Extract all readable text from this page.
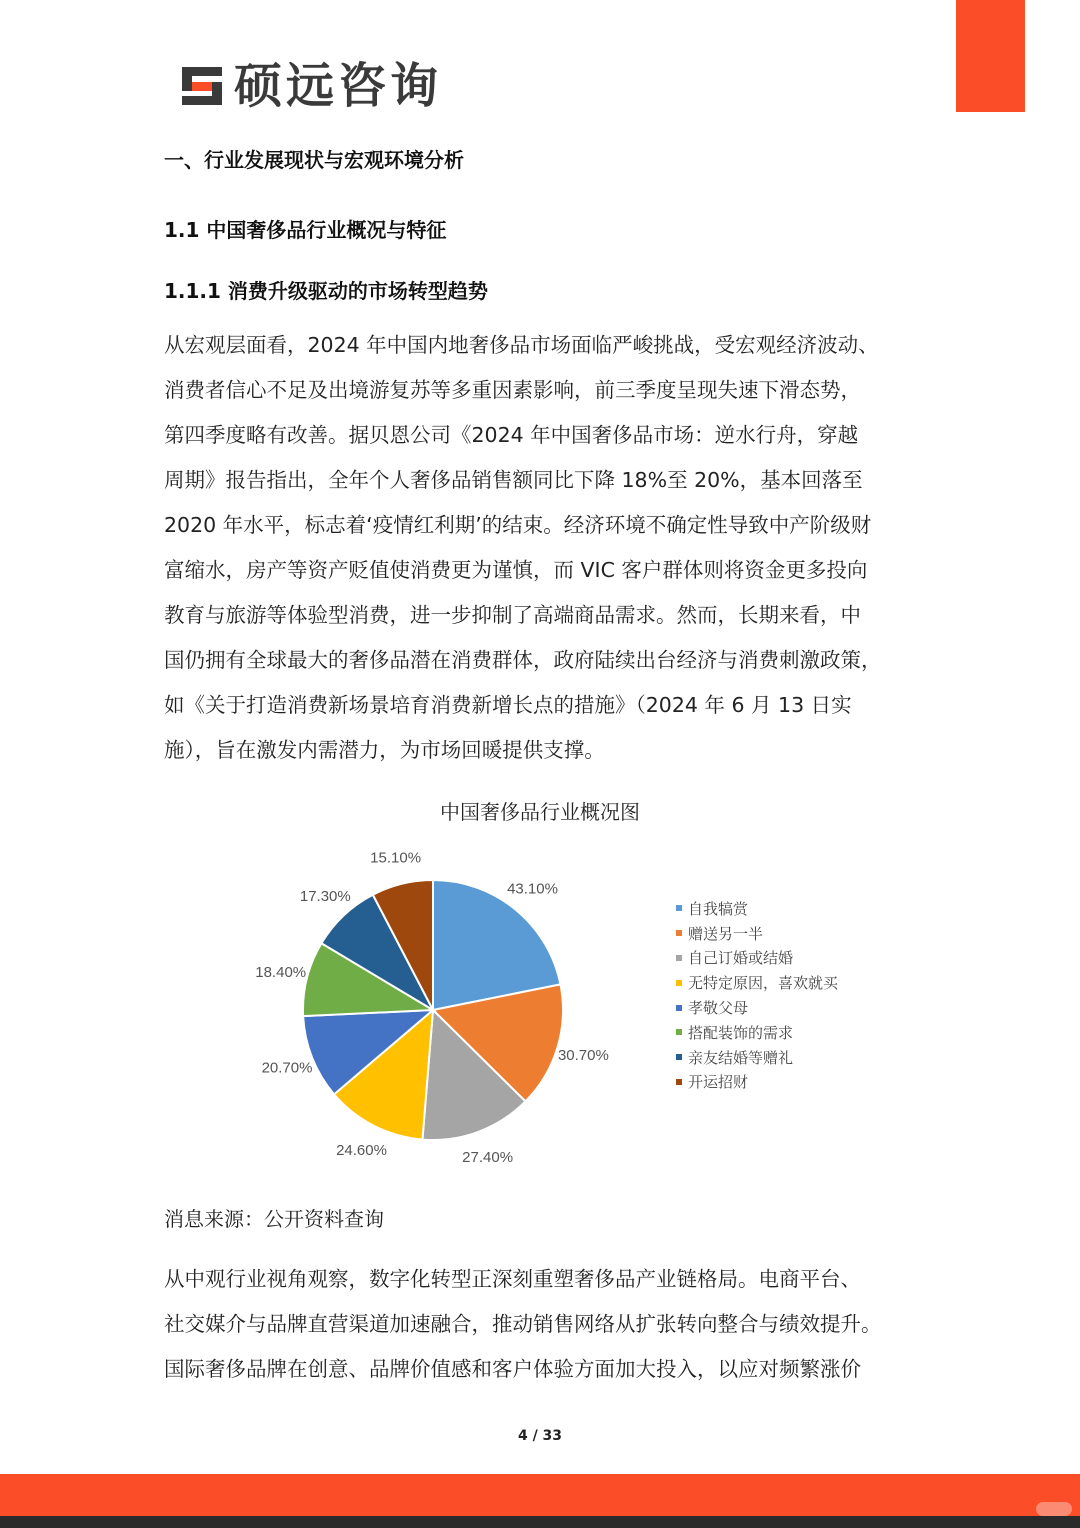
硕远咨询
一、行业发展现状与宏观环境分析
1.1 中国奢侈品行业概况与特征
1.1.1 消费升级驱动的市场转型趋势
从宏观层面看，2024 年中国内地奢侈品市场面临严峻挑战，受宏观经济波动、
消费者信心不足及出境游复苏等多重因素影响，前三季度呈现失速下滑态势，
第四季度略有改善。据贝恩公司《2024 年中国奢侈品市场：逆水行舟，穿越
周期》报告指出，全年个人奢侈品销售额同比下降 18%至 20%，基本回落至
2020 年水平，标志着‘疫情红利期’的结束。经济环境不确定性导致中产阶级财
富缩水，房产等资产贬值使消费更为谨慎，而 VIC 客户群体则将资金更多投向
教育与旅游等体验型消费，进一步抑制了高端商品需求。然而，长期来看，中
国仍拥有全球最大的奢侈品潜在消费群体，政府陆续出台经济与消费刺激政策，
如《关于打造消费新场景培育消费新增长点的措施》（2024 年 6 月 13 日实
施），旨在激发内需潜力，为市场回暖提供支撑。
中国奢侈品行业概况图
43.10%
30.70%
27.40%
24.60%
20.70%
18.40%
17.30%
15.10%
自我犒赏
赠送另一半
自己订婚或结婚
无特定原因，喜欢就买
孝敬父母
搭配装饰的需求
亲友结婚等赠礼
开运招财
消息来源：公开资料查询
从中观行业视角观察，数字化转型正深刻重塑奢侈品产业链格局。电商平台、
社交媒介与品牌直营渠道加速融合，推动销售网络从扩张转向整合与绩效提升。
国际奢侈品牌在创意、品牌价值感和客户体验方面加大投入，以应对频繁涨价
4 / 33
